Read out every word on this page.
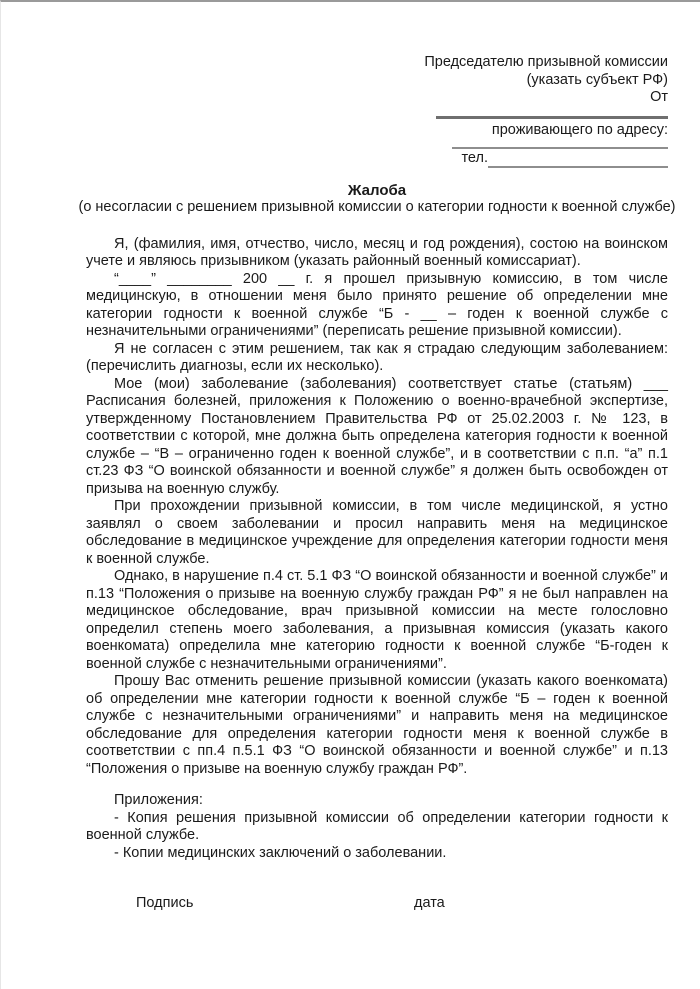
Председателю призывной комиссии
(указать субъект РФ)
От
проживающего по адресу:
тел.
Жалоба
(о несогласии с решением призывной комиссии о категории годности к военной службе)

Я, (фамилия, имя, отчество, число, месяц и год рождения), состою на воинском учете и являюсь призывником (указать районный военный комиссариат).

“____” ________ 200 __ г. я прошел призывную комиссию, в том числе медицинскую, в отношении меня было принято решение об определении мне категории годности к военной службе “Б - __ – годен к военной службе с незначительными ограничениями” (переписать решение призывной комиссии).

Я не согласен с этим решением, так как я страдаю следующим заболеванием: (перечислить диагнозы, если их несколько).

Мое (мои) заболевание (заболевания) соответствует статье (статьям) ___ Расписания болезней, приложения к Положению о военно-врачебной экспертизе, утвержденному Постановлением Правительства РФ от 25.02.2003 г. № 123, в соответствии с которой, мне должна быть определена категория годности к военной службе – “В – ограниченно годен к военной службе”, и в соответствии с п.п. “а” п.1 ст.23 ФЗ “О воинской обязанности и военной службе” я должен быть освобожден от призыва на военную службу.

При прохождении призывной комиссии, в том числе медицинской, я устно заявлял о своем заболевании и просил направить меня на медицинское обследование в медицинское учреждение для определения категории годности меня к военной службе.

Однако, в нарушение п.4 ст. 5.1 ФЗ “О воинской обязанности и военной службе” и п.13 “Положения о призыве на военную службу граждан РФ” я не был направлен на медицинское обследование, врач призывной комиссии на месте голословно определил степень моего заболевания, а призывная комиссия (указать какого военкомата) определила мне категорию годности к военной службе “Б-годен к военной службе с незначительными ограничениями”.

Прошу Вас отменить решение призывной комиссии (указать какого военкомата) об определении мне категории годности к военной службе “Б – годен к военной службе с незначительными ограничениями” и направить меня на медицинское обследование для определения категории годности меня к военной службе в соответствии с пп.4 п.5.1 ФЗ “О воинской обязанности и военной службе” и п.13 “Положения о призыве на военную службу граждан РФ”.

Приложения:

- Копия решения призывной комиссии об определении категории годности к военной службе.

- Копии медицинских заключений о заболевании.

Подпись	дата
